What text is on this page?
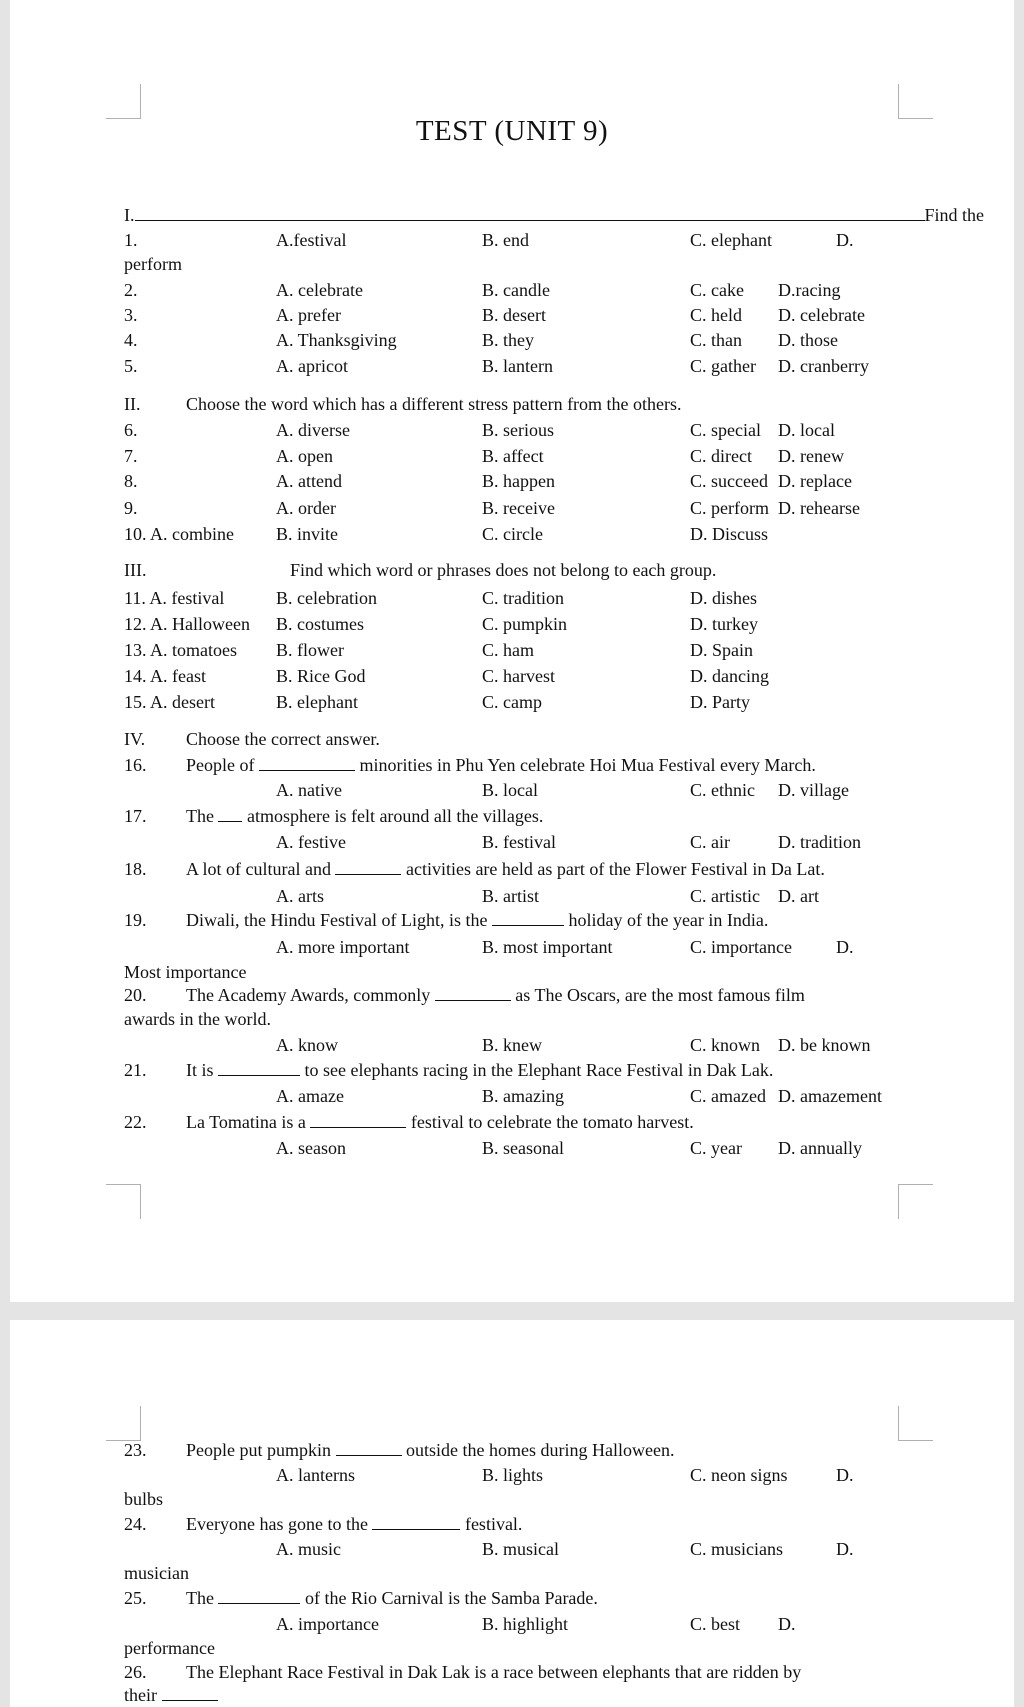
TEST (UNIT 9)
I.	Find the
1.	A.festival	B. end	C. elephant	D.
perform
2.	A. celebrate	B. candle	C. cake D.racing
3.	A. prefer	B. desert	C. held D. celebrate
4.	A. Thanksgiving	B. they	C. than D. those
5.	A. apricot	B. lantern	C. gather D. cranberry
II.	Choose the word which has a different stress pattern from the others.
6.	A. diverse	B. serious	C. special D. local
7.	A. open	B. affect	C. direct D. renew
8.	A. attend	B. happen	C. succeed D. replace
9.	A. order	B. receive	C. perform D. rehearse
10. A. combine B. invite	C. circle	D. Discuss
III.	Find which word or phrases does not belong to each group.
11. A. festival	B. celebration	C. tradition	D. dishes
12. A. Halloween B. costumes	C. pumpkin	D. turkey
13. A. tomatoes B. flower	C. ham	D. Spain
14. A. feast	B. Rice God	C. harvest	D. dancing
15. A. desert	B. elephant	C. camp	D. Party
IV. Choose the correct answer.
16. People of	minorities in Phu Yen celebrate Hoi Mua Festival every March.
A. native	B. local	C. ethnic D. village
17. The atmosphere is felt around all the villages.
A. festive	B. festival	C. air	D. tradition
18. A lot of cultural and	activities are held as part of the Flower Festival in Da Lat.
A. arts	B. artist	C. artistic D. art
19. Diwali, the Hindu Festival of Light, is the	holiday of the year in India.
A. more important	B. most important	C. importance D.
Most importance
20. The Academy Awards, commonly	as The Oscars, are the most famous film
awards in the world.
A. know	B. knew	C. known D. be known
21. It is	to see elephants racing in the Elephant Race Festival in Dak Lak.
A. amaze	B. amazing	C. amazed D. amazement
22. La Tomatina is a	festival to celebrate the tomato harvest.
A. season	B. seasonal	C. year D. annually
23. People put pumpkin	outside the homes during Halloween.
A. lanterns	B. lights	C. neon signs	D.
bulbs
24. Everyone has gone to the	festival.
A. music	B. musical	C. musicians	D.
musician
25. The	of the Rio Carnival is the Samba Parade.
A. importance	B. highlight	C. best D.
performance
26. The Elephant Race Festival in Dak Lak is a race between elephants that are ridden by
their
